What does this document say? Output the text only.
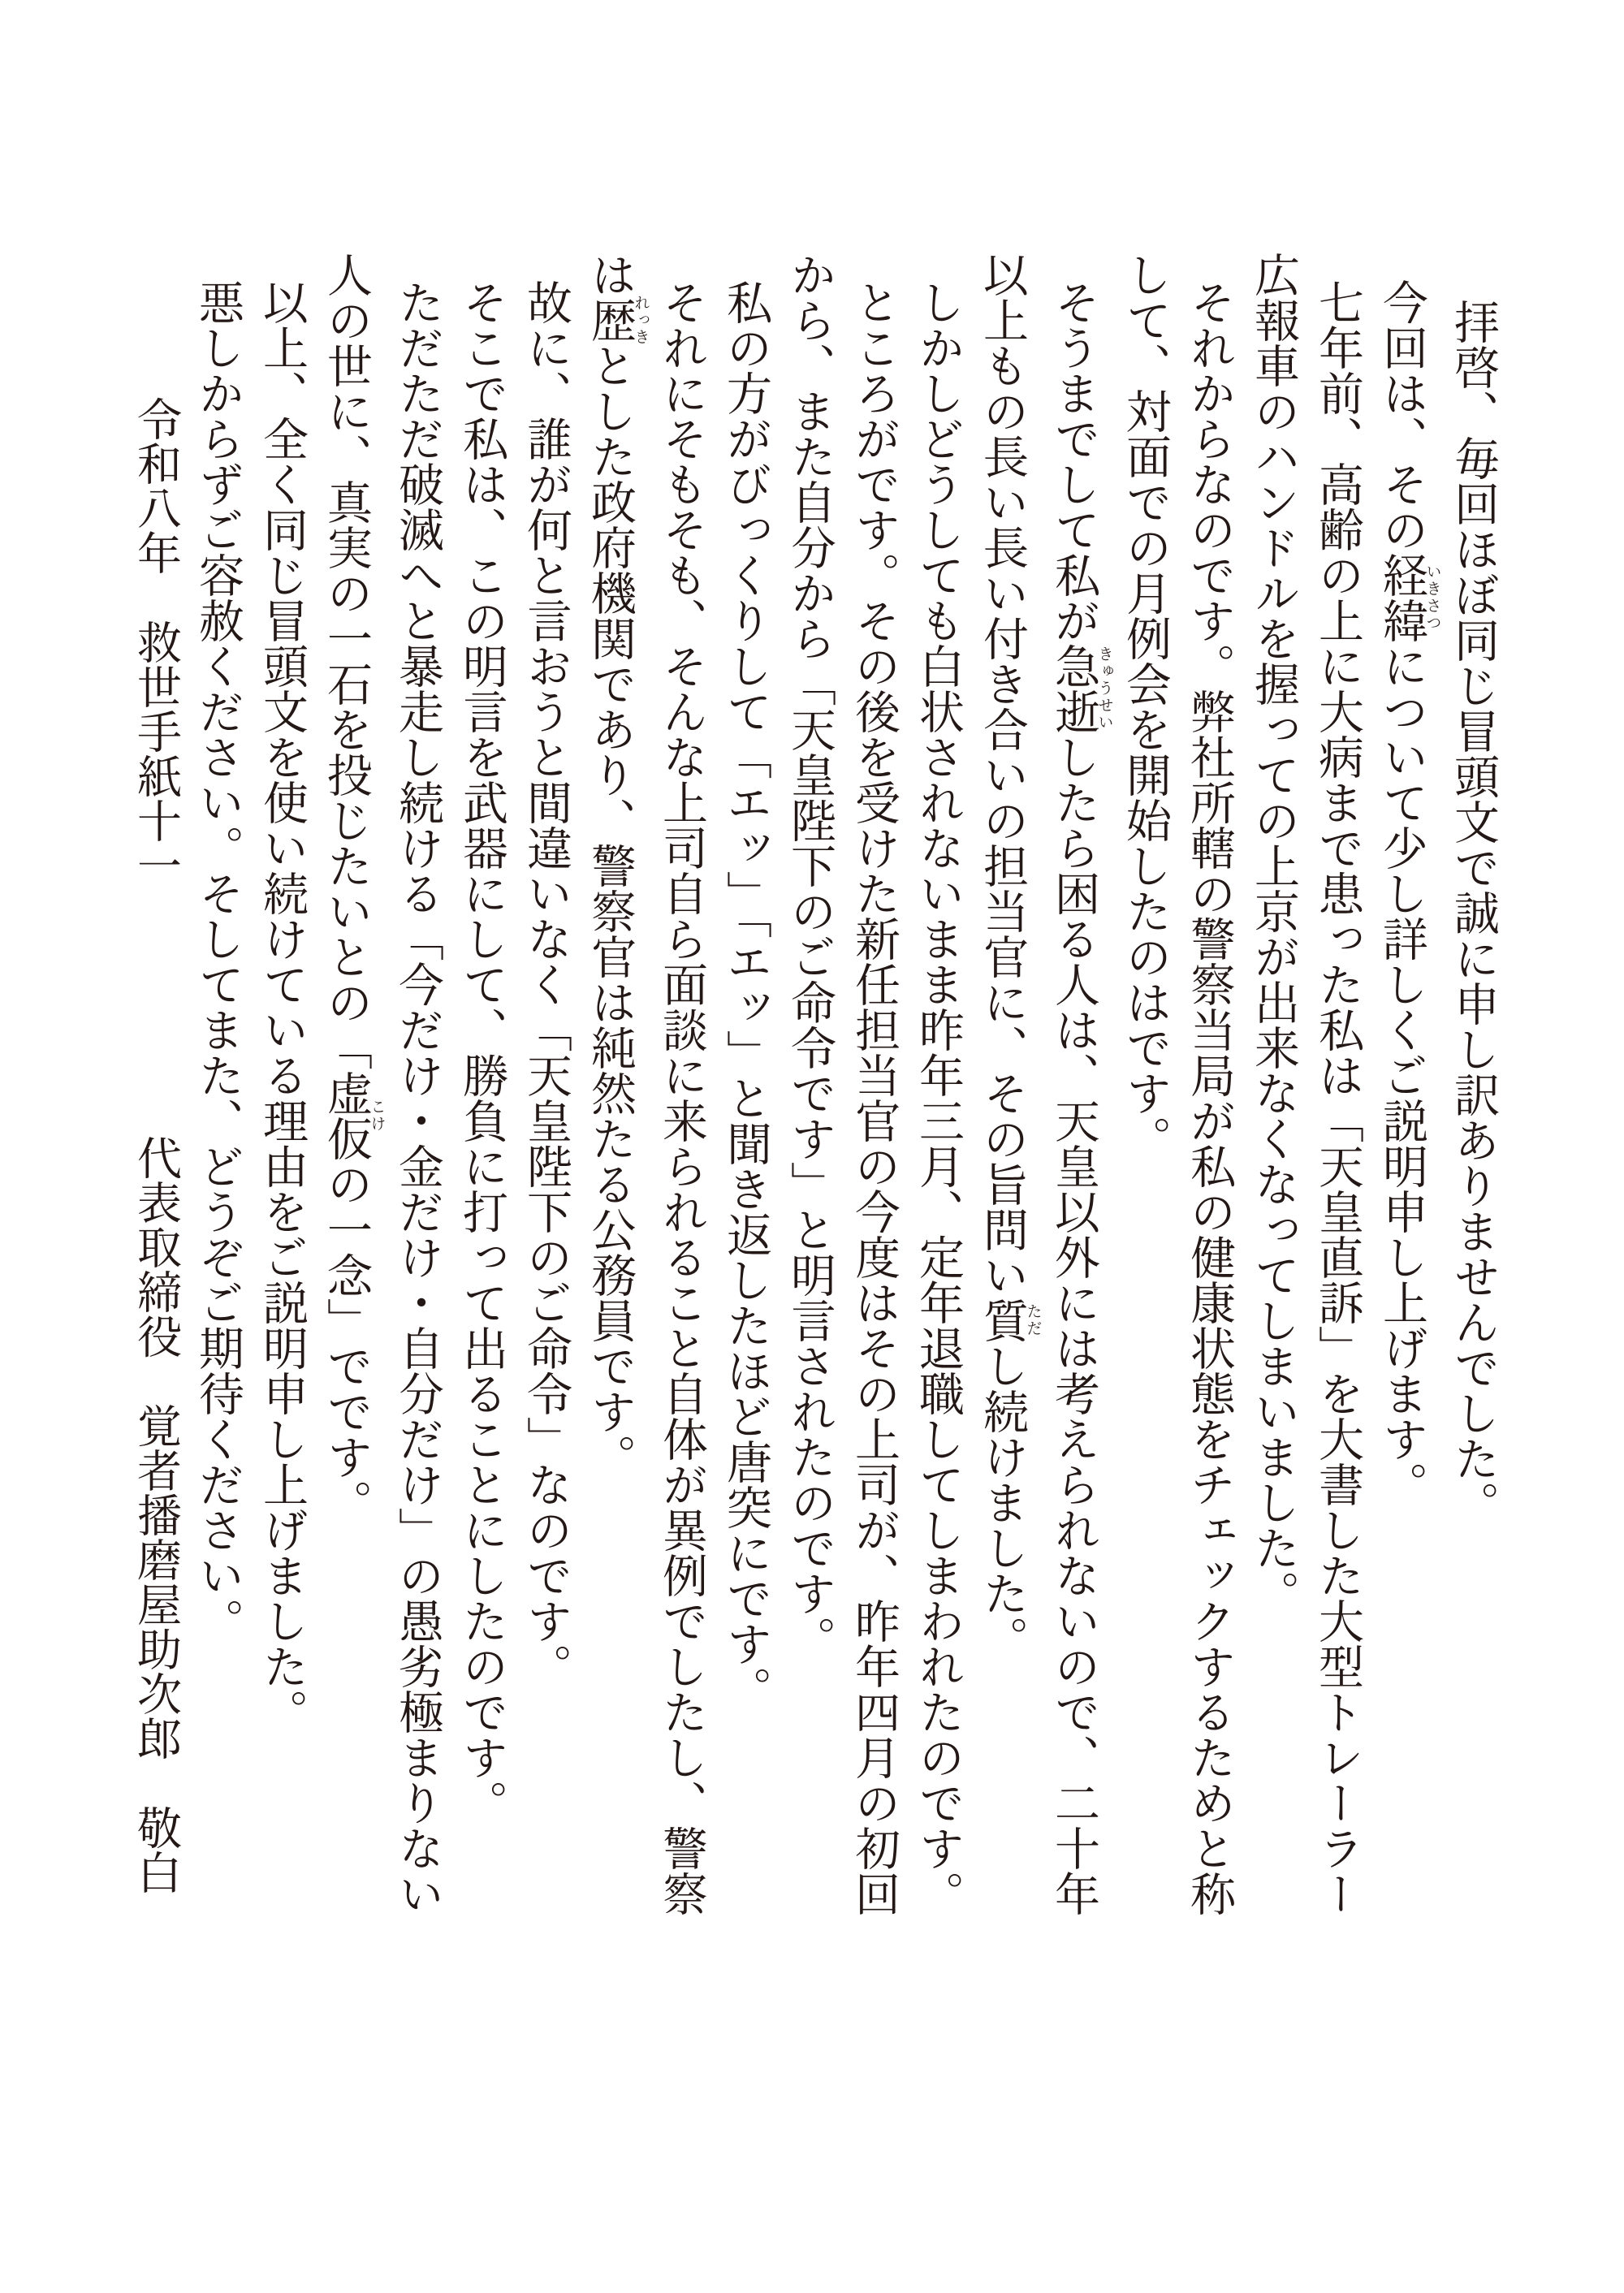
拝啓、毎回ほぼ同じ冒頭文で誠に申し訳ありませんでした。

今回は、その経緯いきさつについて少し詳しくご説明申し上げます。

七年前、高齢の上に大病まで患った私は「天皇直訴」を大書した大型トレーラー

広報車のハンドルを握っての上京が出来なくなってしまいました。

それからなのです。弊社所轄の警察当局が私の健康状態をチェックするためと称

して、対面での月例会を開始したのはです。

そうまでして私が急逝きゅうせいしたら困る人は、天皇以外には考えられないので、二十年

以上もの長い長い付き合いの担当官に、その旨問い質ただし続けました。

しかしどうしても白状されないまま昨年三月、定年退職してしまわれたのです。

ところがです。その後を受けた新任担当官の今度はその上司が、昨年四月の初回

から、また自分から「天皇陛下のご命令です」と明言されたのです。

私の方がびっくりして「エッ」「エッ」と聞き返したほど唐突にです。

それにそもそも、そんな上司自ら面談に来られること自体が異例でしたし、警察

は歴れっきとした政府機関であり、警察官は純然たる公務員です。

故に、誰が何と言おうと間違いなく「天皇陛下のご命令」なのです。

そこで私は、この明言を武器にして、勝負に打って出ることにしたのです。

ただただ破滅へと暴走し続ける「今だけ・金だけ・自分だけ」の愚劣極まりない

人の世に、真実の一石を投じたいとの「虚仮こけの一念」でです。

以上、全く同じ冒頭文を使い続けている理由をご説明申し上げました。

悪しからずご容赦ください。そしてまた、どうぞご期待ください。

令和八年　救世手紙十一
代表取締役　覚者播磨屋助次郎　敬白
